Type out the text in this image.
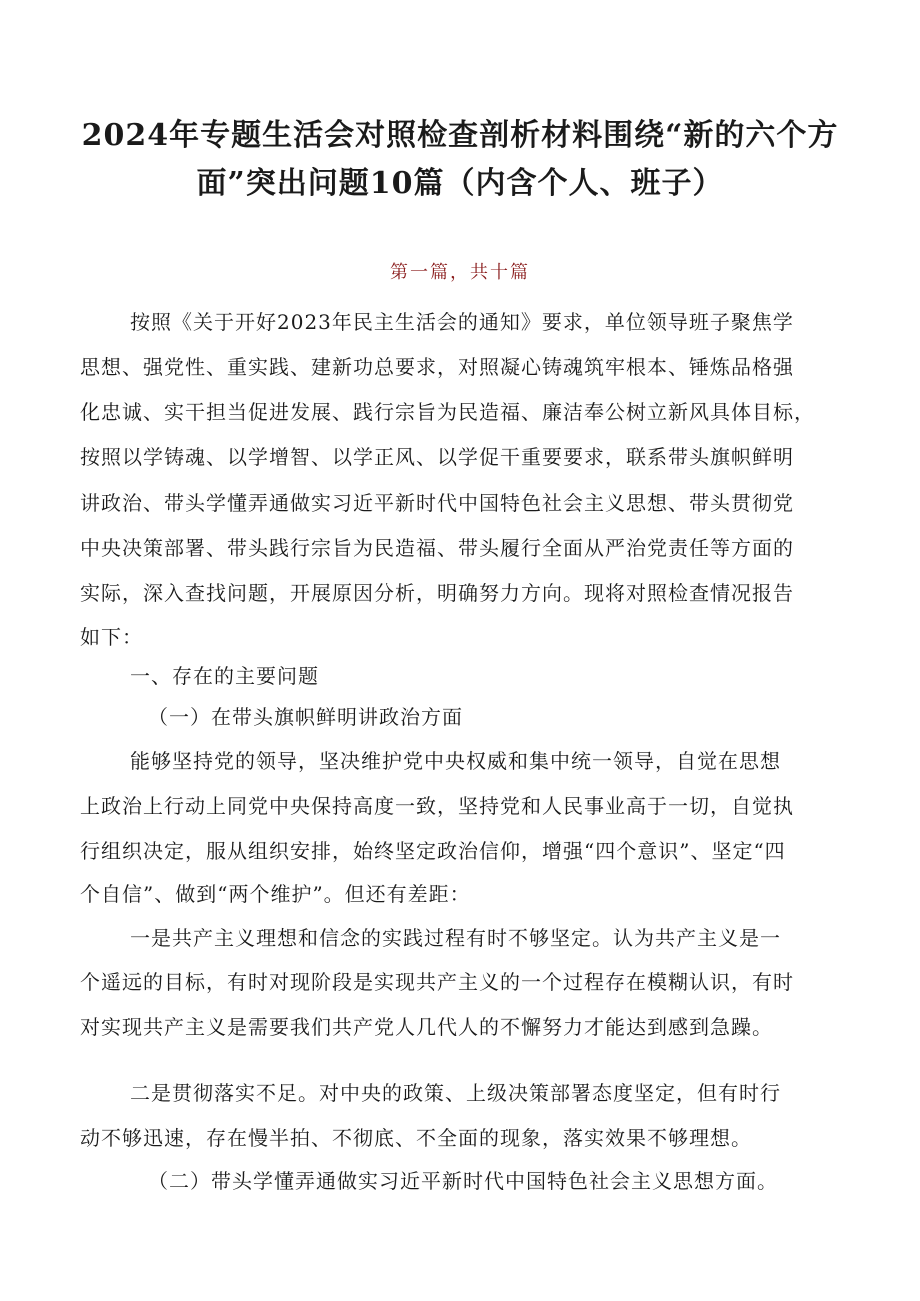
2024年专题生活会对照检查剖析材料围绕“新的六个方
面”突出问题10篇（内含个人、班子）
第一篇，共十篇
按照《关于开好2023年民主生活会的通知》要求，单位领导班子聚焦学
思想、强党性、重实践、建新功总要求，对照凝心铸魂筑牢根本、锤炼品格强
化忠诚、实干担当促进发展、践行宗旨为民造福、廉洁奉公树立新风具体目标，
按照以学铸魂、以学增智、以学正风、以学促干重要要求，联系带头旗帜鲜明
讲政治、带头学懂弄通做实习近平新时代中国特色社会主义思想、带头贯彻党
中央决策部署、带头践行宗旨为民造福、带头履行全面从严治党责任等方面的
实际，深入查找问题，开展原因分析，明确努力方向。现将对照检查情况报告
如下：
一、存在的主要问题
（一）在带头旗帜鲜明讲政治方面
能够坚持党的领导，坚决维护党中央权威和集中统一领导，自觉在思想
上政治上行动上同党中央保持高度一致，坚持党和人民事业高于一切，自觉执
行组织决定，服从组织安排，始终坚定政治信仰，增强“四个意识”、坚定“四
个自信”、做到“两个维护”。但还有差距：
一是共产主义理想和信念的实践过程有时不够坚定。认为共产主义是一
个遥远的目标，有时对现阶段是实现共产主义的一个过程存在模糊认识，有时
对实现共产主义是需要我们共产党人几代人的不懈努力才能达到感到急躁。
二是贯彻落实不足。对中央的政策、上级决策部署态度坚定，但有时行
动不够迅速，存在慢半拍、不彻底、不全面的现象，落实效果不够理想。
（二）带头学懂弄通做实习近平新时代中国特色社会主义思想方面。
